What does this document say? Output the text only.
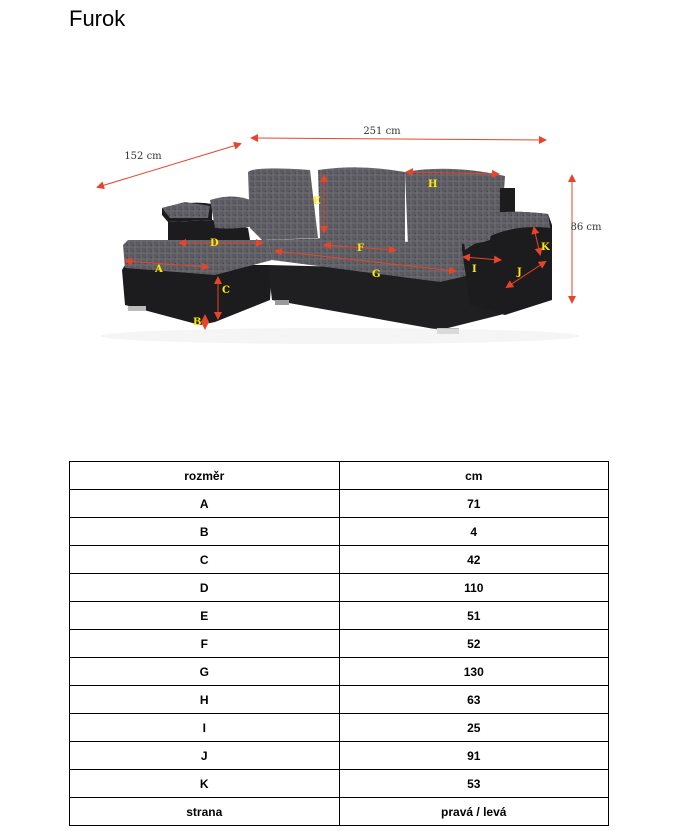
Furok
251 cm
152 cm
86 cm
A
B
C
D
E
F
G
H
I	J
K
rozměr	cm
A	71
B	4
C	42
D	110
E	51
F	52
G	130
H	63
I	25
J	91
K	53
strana	pravá / levá
